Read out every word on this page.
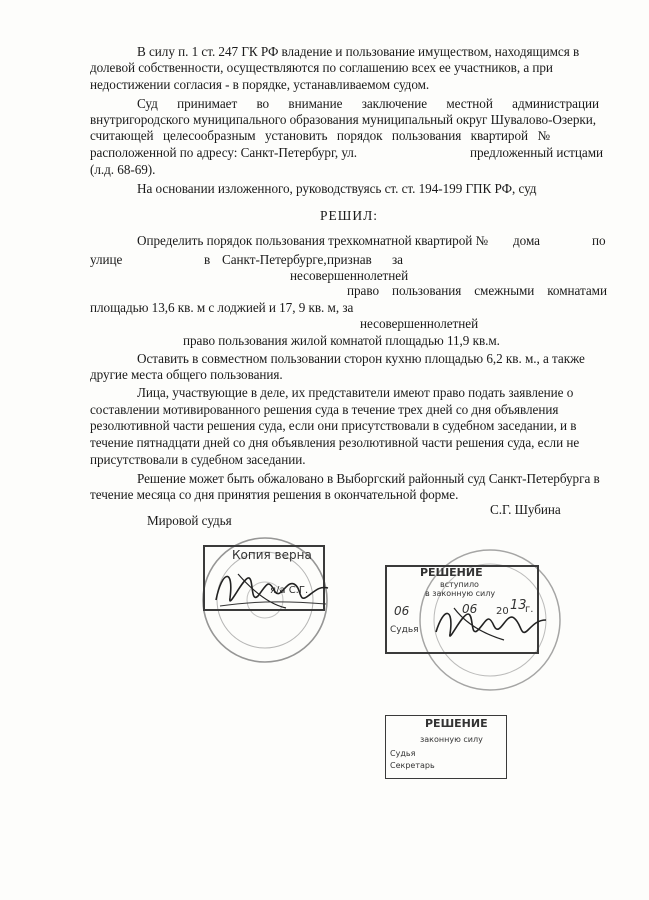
В силу п. 1 ст. 247 ГК РФ владение и пользование имуществом, находящимся в
долевой собственности, осуществляются по соглашению всех ее участников, а при
недостижении согласия - в порядке, устанавливаемом судом.
Суд принимает во внимание заключение местной администрации
внутригородского муниципального образования муниципальный округ Шувалово-Озерки,
считающей целесообразным установить порядок пользования квартирой №
расположенной по адресу: Санкт-Петербург, ул.	предложенный истцами
(л.д. 68-69).
На основании изложенного, руководствуясь ст. ст. 194-199 ГПК РФ, суд
РЕШИЛ:
Определить порядок пользования трехкомнатной квартирой № дома	по
улице	в Санкт-Петербурге, признав за
несовершеннолетней
право пользования смежными комнатами
площадью 13,6 кв. м с лоджией и 17, 9 кв. м, за
несовершеннолетней
право пользования жилой комнатой площадью 11,9 кв.м.
Оставить в совместном пользовании сторон кухню площадью 6,2 кв. м., а также
другие места общего пользования.
Лица, участвующие в деле, их представители имеют право подать заявление о
составлении мотивированного решения суда в течение трех дней со дня объявления
резолютивной части решения суда, если они присутствовали в судебном заседании, и в
течение пятнадцати дней со дня объявления резолютивной части решения суда, если не
присутствовали в судебном заседании.
Решение может быть обжаловано в Выборгский районный суд Санкт-Петербурга в
течение месяца со дня принятия решения в окончательной форме.
Мировой судья
С.Г. Шубина
Копия верна
я/а С.Г.
РЕШЕНИЕ
вступило
в законную силу
06	06 20 13
г.
Судья
РЕШЕНИЕ
законную силу
Судья
Секретарь
